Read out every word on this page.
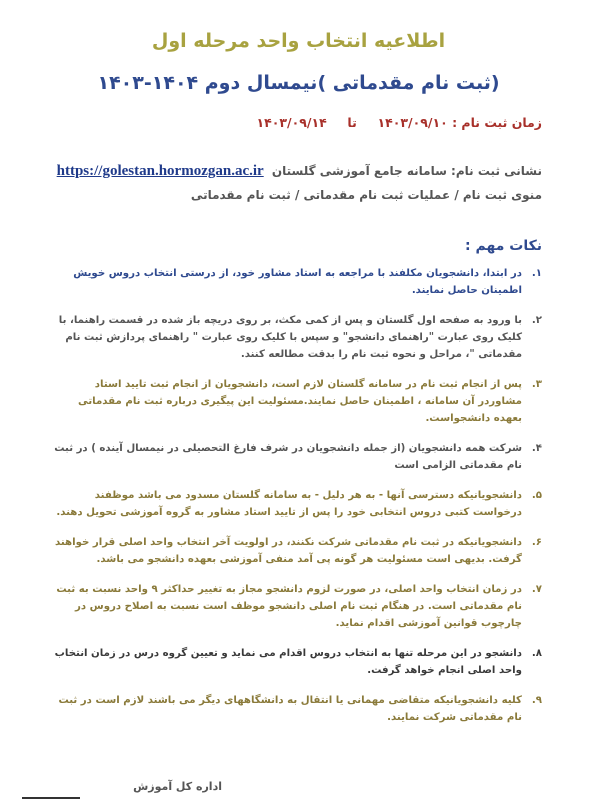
اطلاعیه انتخاب واحد مرحله اول
(ثبت نام مقدماتی )نیمسال دوم ۱۴۰۴-۱۴۰۳
زمان ثبت نام : ۱۴۰۳/۰۹/۱۰  تا  ۱۴۰۳/۰۹/۱۴
نشانی ثبت نام: سامانه جامع آموزشی گلستان https://golestan.hormozgan.ac.ir
منوی ثبت نام / عملیات ثبت نام مقدماتی / ثبت نام مقدماتی
نکات مهم :
۱.
در ابتدا، دانشجویان مکلفند با مراجعه به استاد مشاور خود، از درستی انتخاب دروس خویش اطمینان حاصل نمایند.
۲.
با ورود به صفحه اول گلستان و پس از کمی مکث، بر روی دریچه باز شده در قسمت راهنما، با کلیک روی عبارت "راهنمای دانشجو" و سپس با کلیک روی عبارت " راهنمای پردازش ثبت نام مقدماتی "، مراحل و نحوه ثبت نام را بدقت مطالعه کنند.
۳.
پس از انجام ثبت نام در سامانه گلستان لازم است، دانشجویان از انجام ثبت تایید استاد مشاوردر آن سامانه ، اطمینان حاصل نمایند.مسئولیت این پیگیری درباره ثبت نام مقدماتی بعهده دانشجواست.
۴.
شرکت همه دانشجویان (از جمله دانشجویان در شرف فارغ التحصیلی در نیمسال آینده ) در ثبت نام مقدماتی الزامی است
۵.
دانشجویانیکه دسترسی آنها - به هر دلیل - به سامانه گلستان مسدود می باشد موظفند درخواست کتبی دروس انتخابی خود را پس از تایید استاد مشاور به گروه آموزشی تحویل دهند.
۶.
دانشجویانیکه در ثبت نام مقدماتی شرکت نکنند، در اولویت آخر انتخاب واحد اصلی قرار خواهند گرفت. بدیهی است مسئولیت هر گونه پی آمد منفی آموزشی بعهده دانشجو می باشد.
۷.
در زمان انتخاب واحد اصلی، در صورت لزوم دانشجو مجاز به تغییر حداکثر ۹ واحد نسبت به ثبت نام مقدماتی است. در هنگام ثبت نام اصلی دانشجو موظف است نسبت به اصلاح دروس در چارچوب قوانین آموزشی اقدام نماید.
۸.
دانشجو در این مرحله تنها به انتخاب دروس اقدام می نماید و تعیین گروه درس در زمان انتخاب واحد اصلی انجام خواهد گرفت.
۹.
کلیه دانشجویانیکه متقاضی مهمانی یا انتقال به دانشگاههای دیگر می باشند لازم است در ثبت نام مقدماتی شرکت نمایند.
اداره کل آموزش
